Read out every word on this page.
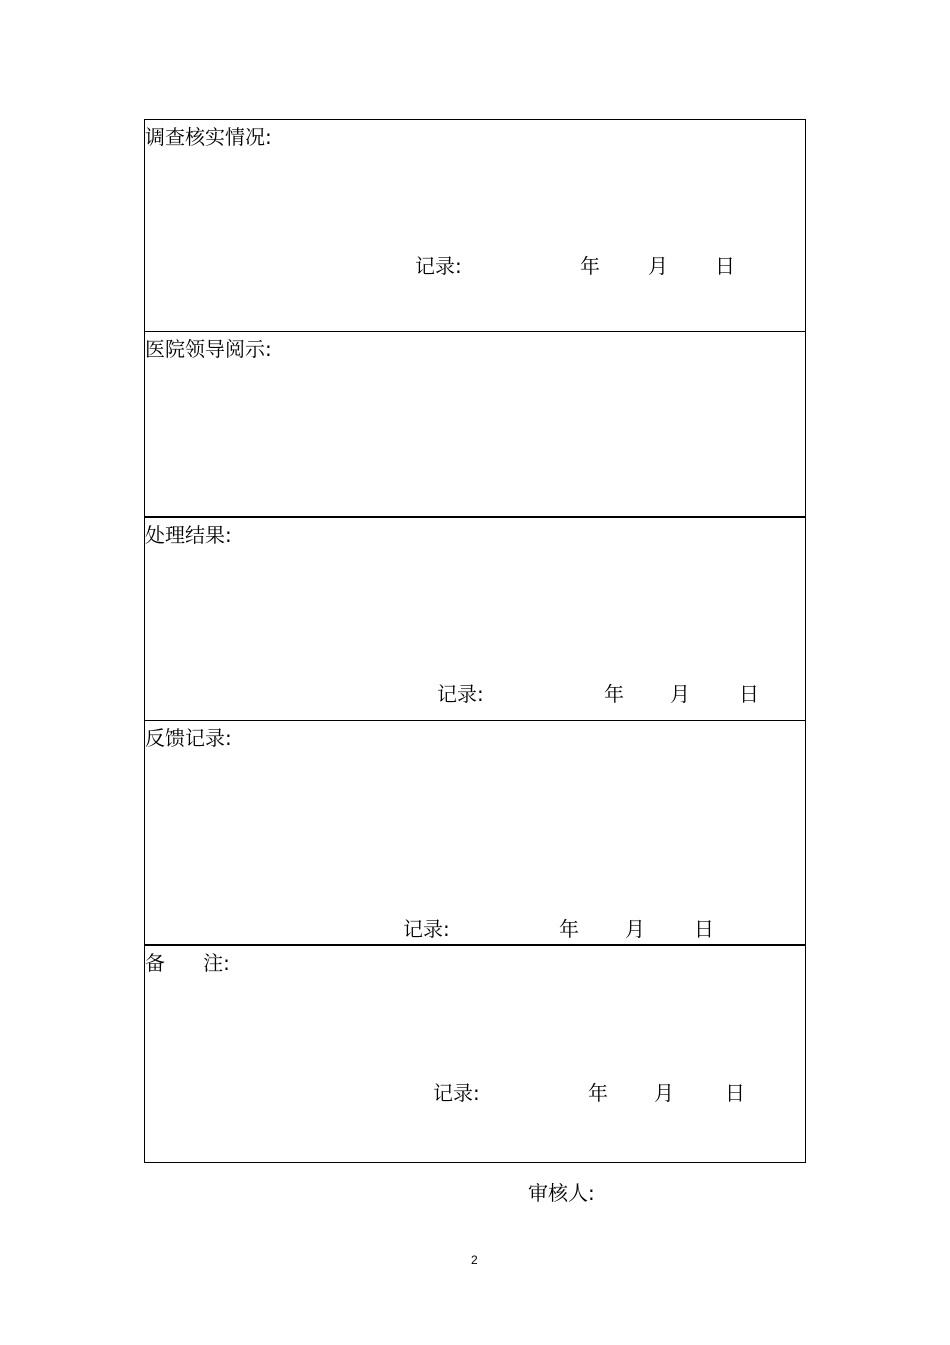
调查核实情况:
记录:	年 月 日
医院领导阅示:
处理结果:
记录:	年 月 日
反馈记录:
记录:	年 月 日
备      注:
记录:	年 月	日
审核人:
2
